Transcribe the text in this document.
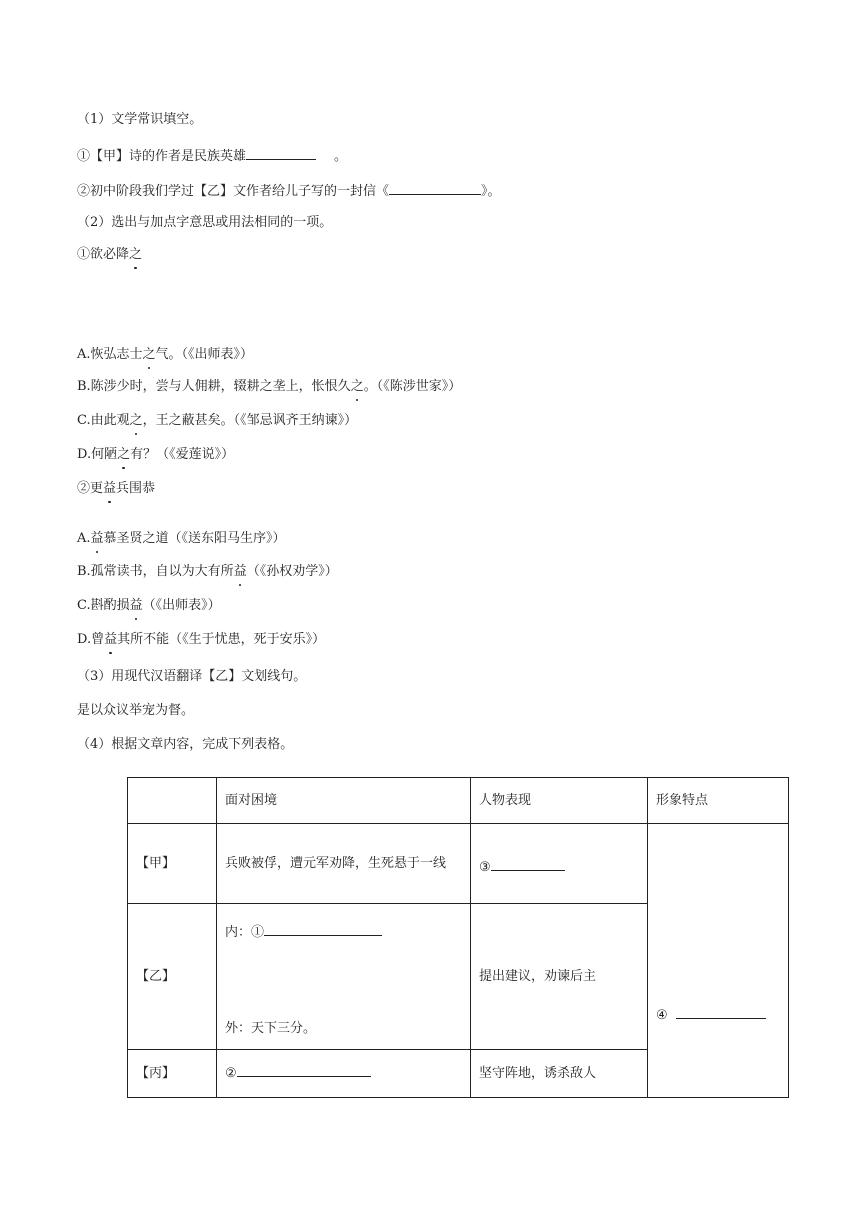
（1）文学常识填空。
①【甲】诗的作者是民族英雄	。
②初中阶段我们学过【乙】文作者给儿子写的一封信《	》。
（2）选出与加点字意思或用法相同的一项。
①欲必降之
A.恢弘志士之气。（《出师表》）
B.陈涉少时，尝与人佣耕，辍耕之垄上，怅恨久之。（《陈涉世家》）
C.由此观之，王之蔽甚矣。（《邹忌讽齐王纳谏》）
D.何陋之有？（《爱莲说》）
②更益兵围恭
A.益慕圣贤之道（《送东阳马生序》）
B.孤常读书，自以为大有所益（《孙权劝学》）
C.斟酌损益（《出师表》）
D.曾益其所不能（《生于忧患，死于安乐》）
（3）用现代汉语翻译【乙】文划线句。
是以众议举宠为督。
（4）根据文章内容，完成下列表格。
	面对困境	人物表现	形象特点
【甲】	兵败被俘，遭元军劝降，生死悬于一线	③	④
【乙】	内：①
外：天下三分。	提出建议，劝谏后主	
【丙】	②	坚守阵地，诱杀敌人	
